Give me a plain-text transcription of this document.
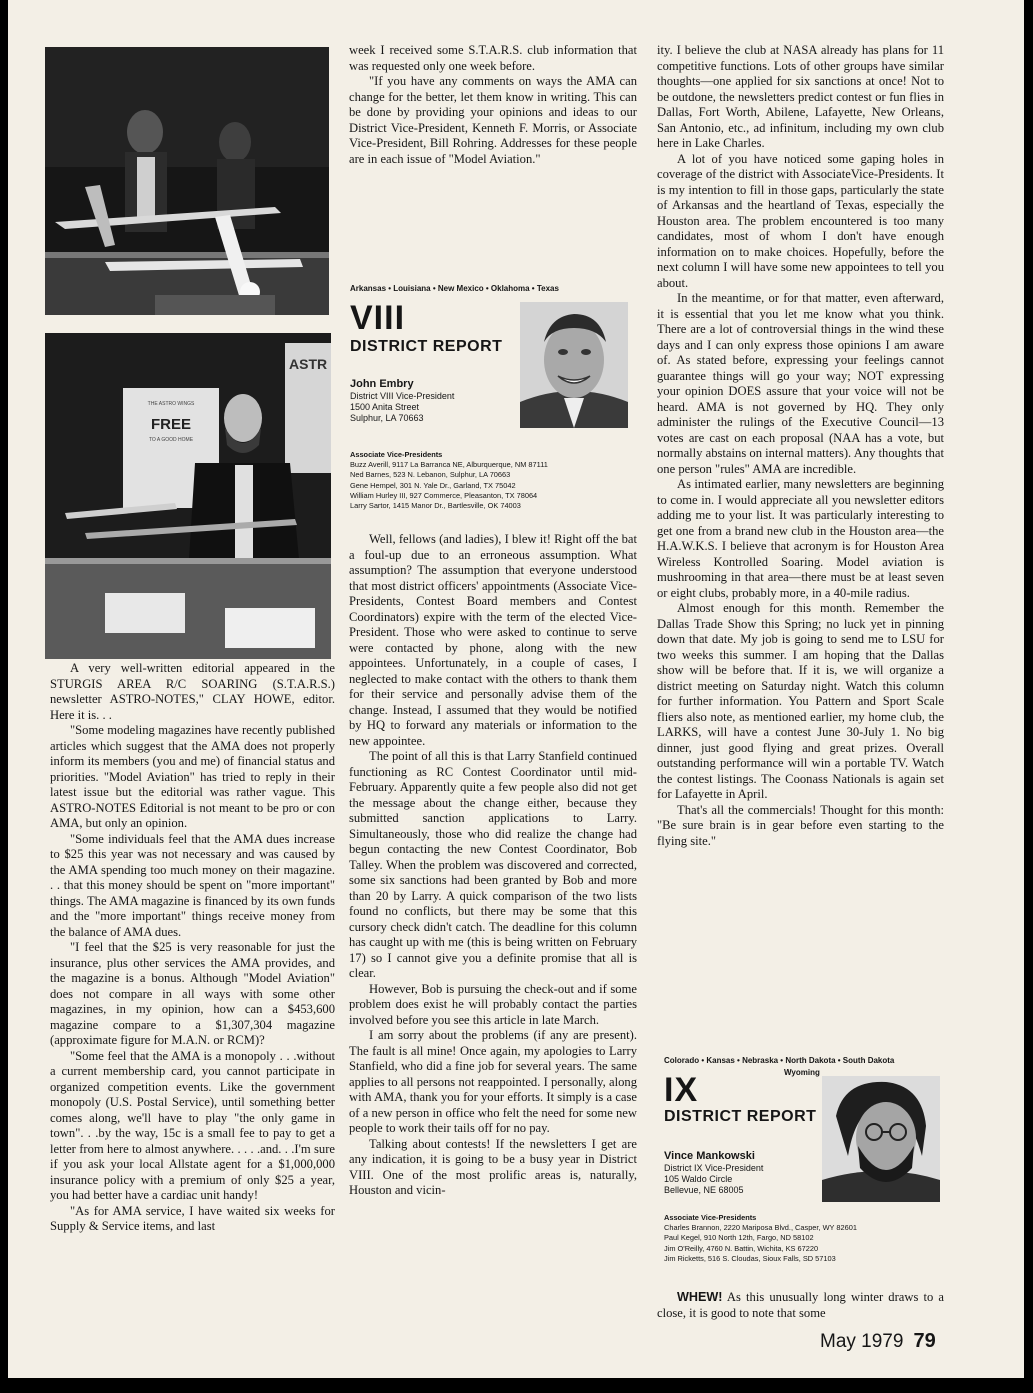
ASTR
THE ASTRO WINGS
FREE
TO A GOOD HOME

A very well-written editorial appeared in the STURGIS AREA R/C SOARING (S.T.A.R.S.) newsletter ASTRO-NOTES," CLAY HOWE, editor. Here it is. . .

"Some modeling magazines have recently published articles which suggest that the AMA does not properly inform its members (you and me) of financial status and priorities. "Model Aviation" has tried to reply in their latest issue but the editorial was rather vague. This ASTRO-NOTES Editorial is not meant to be pro or con AMA, but only an opinion.

"Some individuals feel that the AMA dues increase to $25 this year was not necessary and was caused by the AMA spending too much money on their magazine. . . that this money should be spent on "more important" things. The AMA magazine is financed by its own funds and the "more important" things receive money from the balance of AMA dues.

"I feel that the $25 is very reasonable for just the insurance, plus other services the AMA provides, and the magazine is a bonus. Although "Model Aviation" does not compare in all ways with some other magazines, in my opinion, how can a $453,600 magazine compare to a $1,307,304 magazine (approximate figure for M.A.N. or RCM)?

"Some feel that the AMA is a monopoly . . .without a current membership card, you cannot participate in organized competition events. Like the government monopoly (U.S. Postal Service), until something better comes along, we'll have to play "the only game in town". . .by the way, 15c is a small fee to pay to get a letter from here to almost anywhere. . . . .and. . .I'm sure if you ask your local Allstate agent for a $1,000,000 insurance policy with a premium of only $25 a year, you had better have a cardiac unit handy!

"As for AMA service, I have waited six weeks for Supply & Service items, and last

week I received some S.T.A.R.S. club information that was requested only one week before.

"If you have any comments on ways the AMA can change for the better, let them know in writing. This can be done by providing your opinions and ideas to our District Vice-President, Kenneth F. Morris, or Associate Vice-President, Bill Rohring. Addresses for these people are in each issue of "Model Aviation."

Arkansas • Louisiana • New Mexico • Oklahoma • Texas
VIII
DISTRICT REPORT
John Embry
District VIII Vice-President
1500 Anita Street
Sulphur, LA 70663
Associate Vice-Presidents
Buzz Averill, 9117 La Barranca NE, Alburquerque, NM 87111
Ned Barnes, 523 N. Lebanon, Sulphur, LA 70663
Gene Hempel, 301 N. Yale Dr., Garland, TX 75042
William Hurley III, 927 Commerce, Pleasanton, TX 78064
Larry Sartor, 1415 Manor Dr., Bartlesville, OK 74003

Well, fellows (and ladies), I blew it! Right off the bat a foul-up due to an erroneous assumption. What assumption? The assumption that everyone understood that most district officers' appointments (Associate Vice-Presidents, Contest Board members and Contest Coordinators) expire with the term of the elected Vice-President. Those who were asked to continue to serve were contacted by phone, along with the new appointees. Unfortunately, in a couple of cases, I neglected to make contact with the others to thank them for their service and personally advise them of the change. Instead, I assumed that they would be notified by HQ to forward any materials or information to the new appointee.

The point of all this is that Larry Stanfield continued functioning as RC Contest Coordinator until mid-February. Apparently quite a few people also did not get the message about the change either, because they submitted sanction applications to Larry. Simultaneously, those who did realize the change had begun contacting the new Contest Coordinator, Bob Talley. When the problem was discovered and corrected, some six sanctions had been granted by Bob and more than 20 by Larry. A quick comparison of the two lists found no conflicts, but there may be some that this cursory check didn't catch. The deadline for this column has caught up with me (this is being written on February 17) so I cannot give you a definite promise that all is clear.

However, Bob is pursuing the check-out and if some problem does exist he will probably contact the parties involved before you see this article in late March.

I am sorry about the problems (if any are present). The fault is all mine! Once again, my apologies to Larry Stanfield, who did a fine job for several years. The same applies to all persons not reappointed. I personally, along with AMA, thank you for your efforts. It simply is a case of a new person in office who felt the need for some new people to work their tails off for no pay.

Talking about contests! If the newsletters I get are any indication, it is going to be a busy year in District VIII. One of the most prolific areas is, naturally, Houston and vicin-

ity. I believe the club at NASA already has plans for 11 competitive functions. Lots of other groups have similar thoughts—one applied for six sanctions at once! Not to be outdone, the newsletters predict contest or fun flies in Dallas, Fort Worth, Abilene, Lafayette, New Orleans, San Antonio, etc., ad infinitum, including my own club here in Lake Charles.

A lot of you have noticed some gaping holes in coverage of the district with AssociateVice-Presidents. It is my intention to fill in those gaps, particularly the state of Arkansas and the heartland of Texas, especially the Houston area. The problem encountered is too many candidates, most of whom I don't have enough information on to make choices. Hopefully, before the next column I will have some new appointees to tell you about.

In the meantime, or for that matter, even afterward, it is essential that you let me know what you think. There are a lot of controversial things in the wind these days and I can only express those opinions I am aware of. As stated before, expressing your feelings cannot guarantee things will go your way; NOT expressing your opinion DOES assure that your voice will not be heard. AMA is not governed by HQ. They only administer the rulings of the Executive Council—13 votes are cast on each proposal (NAA has a vote, but normally abstains on internal matters). Any thoughts that one person "rules" AMA are incredible.

As intimated earlier, many newsletters are beginning to come in. I would appreciate all you newsletter editors adding me to your list. It was particularly interesting to get one from a brand new club in the Houston area—the H.A.W.K.S. I believe that acronym is for Houston Area Wireless Kontrolled Soaring. Model aviation is mushrooming in that area—there must be at least seven or eight clubs, probably more, in a 40-mile radius.

Almost enough for this month. Remember the Dallas Trade Show this Spring; no luck yet in pinning down that date. My job is going to send me to LSU for two weeks this summer. I am hoping that the Dallas show will be before that. If it is, we will organize a district meeting on Saturday night. Watch this column for further information. You Pattern and Sport Scale fliers also note, as mentioned earlier, my home club, the LARKS, will have a contest June 30-July 1. No big dinner, just good flying and great prizes. Overall outstanding performance will win a portable TV. Watch the contest listings. The Coonass Nationals is again set for Lafayette in April.

That's all the commercials! Thought for this month: "Be sure brain is in gear before even starting to the flying site."

Colorado • Kansas • Nebraska • North Dakota • South Dakota
Wyoming
IX
DISTRICT REPORT
Vince Mankowski
District IX Vice-President
105 Waldo Circle
Bellevue, NE 68005
Associate Vice-Presidents
Charles Brannon, 2220 Mariposa Blvd., Casper, WY 82601
Paul Kegel, 910 North 12th, Fargo, ND 58102
Jim O'Reilly, 4760 N. Battin, Wichita, KS 67220
Jim Ricketts, 516 S. Cloudas, Sioux Falls, SD 57103

WHEW! As this unusually long winter draws to a close, it is good to note that some

May 1979 79
